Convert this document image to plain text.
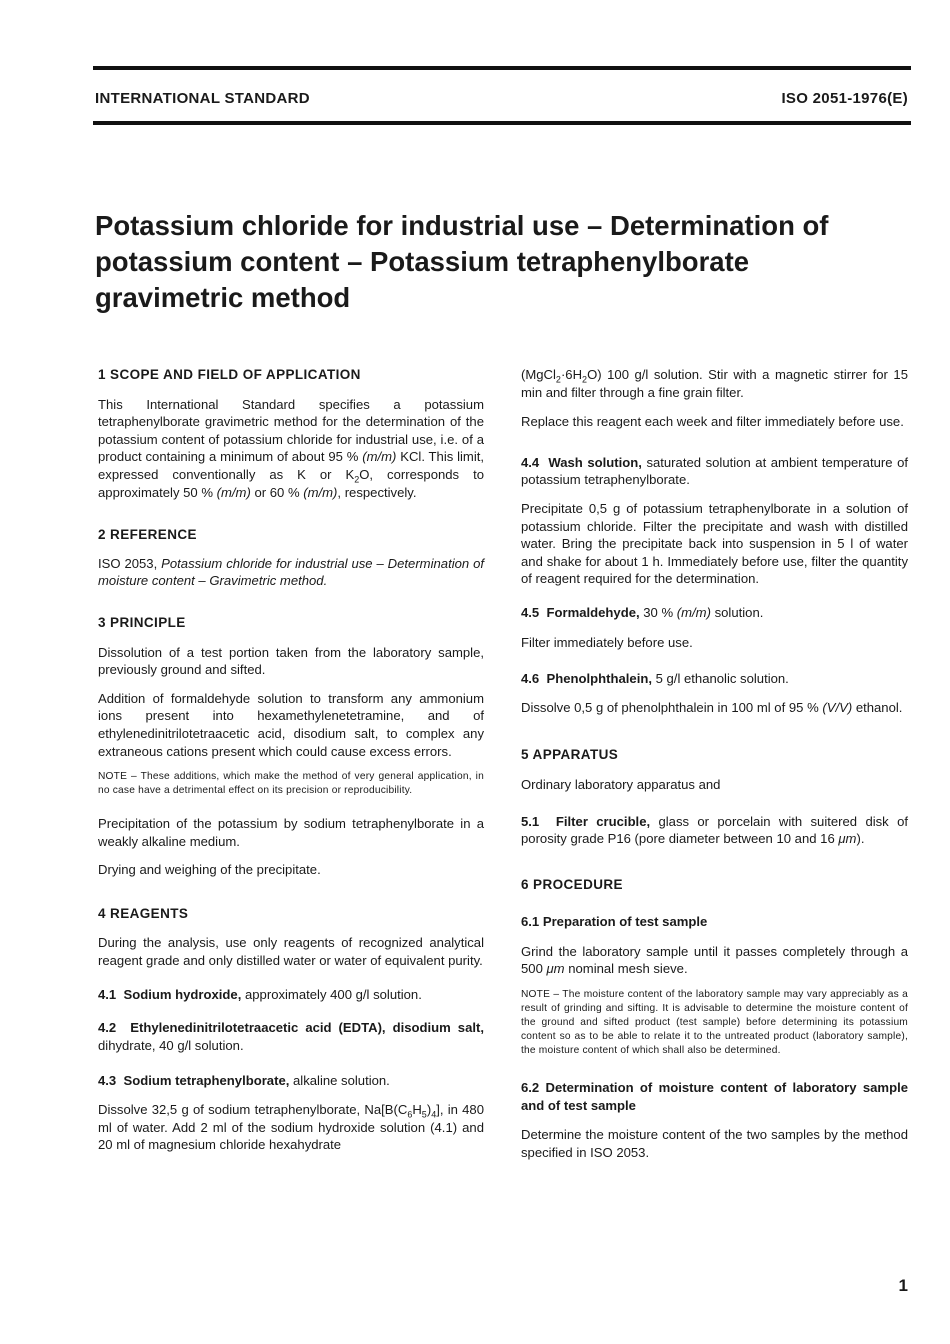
INTERNATIONAL STANDARD	ISO 2051-1976(E)
Potassium chloride for industrial use – Determination of potassium content – Potassium tetraphenylborate gravimetric method

1 SCOPE AND FIELD OF APPLICATION

This International Standard specifies a potassium tetraphenylborate gravimetric method for the determination of the potassium content of potassium chloride for industrial use, i.e. of a product containing a minimum of about 95 % (m/m) KCl. This limit, expressed conventionally as K or $K_2O$, corresponds to approximately 50 % (m/m) or 60 % (m/m), respectively.

2 REFERENCE

ISO 2053, Potassium chloride for industrial use – Determination of moisture content – Gravimetric method.

3 PRINCIPLE

Dissolution of a test portion taken from the laboratory sample, previously ground and sifted.

Addition of formaldehyde solution to transform any ammonium ions present into hexamethylenetetramine, and of ethylenedinitrilotetraacetic acid, disodium salt, to complex any extraneous cations present which could cause excess errors.

NOTE – These additions, which make the method of very general application, in no case have a detrimental effect on its precision or reproducibility.

Precipitation of the potassium by sodium tetraphenylborate in a weakly alkaline medium.

Drying and weighing of the precipitate.

4 REAGENTS

During the analysis, use only reagents of recognized analytical reagent grade and only distilled water or water of equivalent purity.

4.1 Sodium hydroxide, approximately 400 g/l solution.

4.2 Ethylenedinitrilotetraacetic acid (EDTA), disodium salt, dihydrate, 40 g/l solution.

4.3 Sodium tetraphenylborate, alkaline solution.

Dissolve 32,5 g of sodium tetraphenylborate, $Na[B(C_6H_5)_4]$, in 480 ml of water. Add 2 ml of the sodium hydroxide solution (4.1) and 20 ml of magnesium chloride hexahydrate

$(MgCl_2\cdot 6H_2O)$ 100 g/l solution. Stir with a magnetic stirrer for 15 min and filter through a fine grain filter.

Replace this reagent each week and filter immediately before use.

4.4 Wash solution, saturated solution at ambient temperature of potassium tetraphenylborate.

Precipitate 0,5 g of potassium tetraphenylborate in a solution of potassium chloride. Filter the precipitate and wash with distilled water. Bring the precipitate back into suspension in 5 l of water and shake for about 1 h. Immediately before use, filter the quantity of reagent required for the determination.

4.5 Formaldehyde, 30 % (m/m) solution.

Filter immediately before use.

4.6 Phenolphthalein, 5 g/l ethanolic solution.

Dissolve 0,5 g of phenolphthalein in 100 ml of 95 % (V/V) ethanol.

5 APPARATUS

Ordinary laboratory apparatus and

5.1 Filter crucible, glass or porcelain with suitered disk of porosity grade P16 (pore diameter between 10 and 16 μm).

6 PROCEDURE

6.1 Preparation of test sample

Grind the laboratory sample until it passes completely through a 500 μm nominal mesh sieve.

NOTE – The moisture content of the laboratory sample may vary appreciably as a result of grinding and sifting. It is advisable to determine the moisture content of the ground and sifted product (test sample) before determining its potassium content so as to be able to relate it to the untreated product (laboratory sample), the moisture content of which shall also be determined.

6.2 Determination of moisture content of laboratory sample and of test sample

Determine the moisture content of the two samples by the method specified in ISO 2053.

1
